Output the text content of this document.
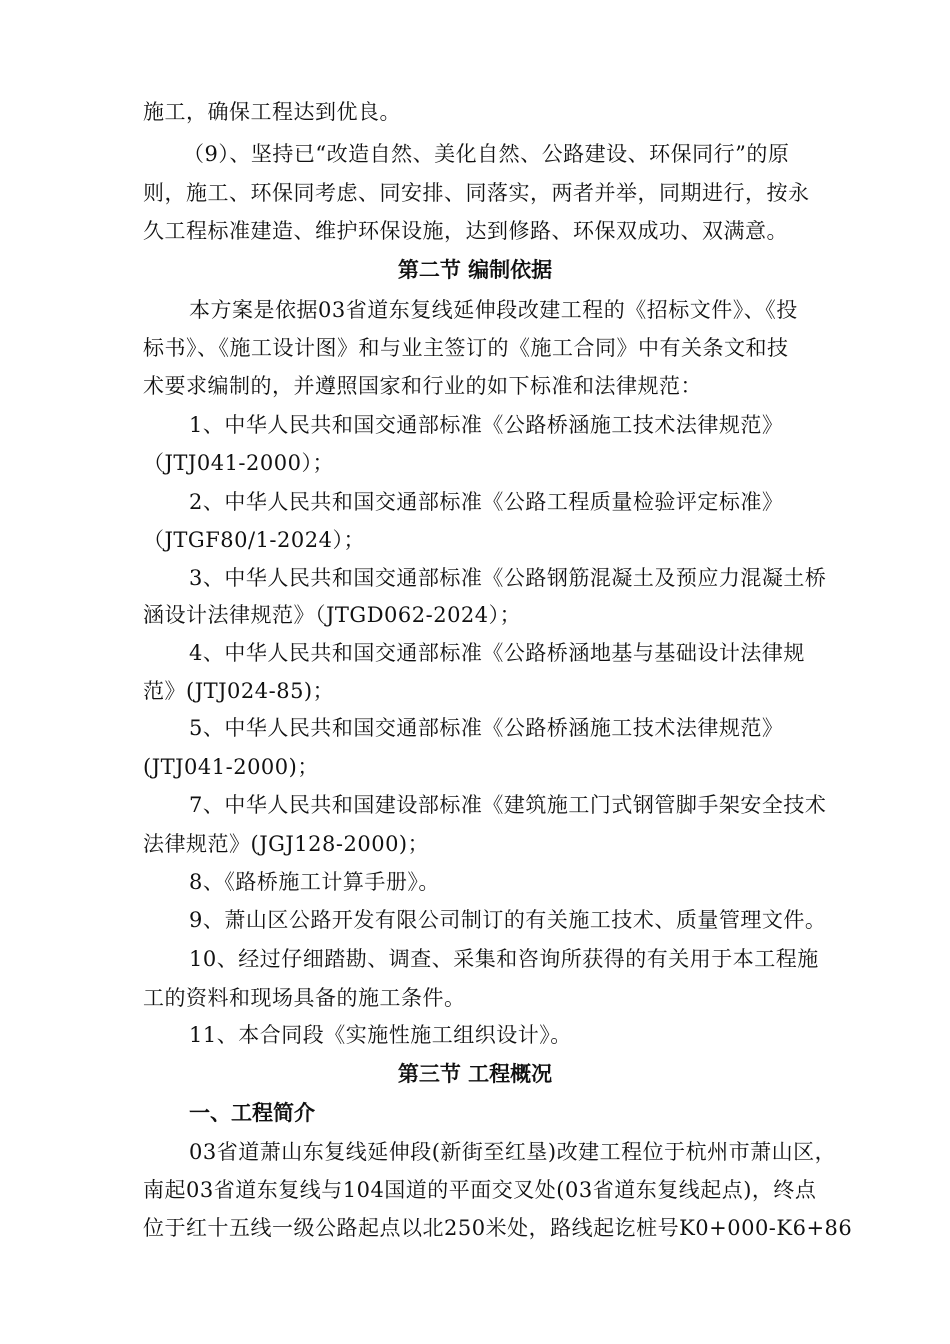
施工，确保工程达到优良。
（9）、坚持已“改造自然、美化自然、公路建设、环保同行”的原
则，施工、环保同考虑、同安排、同落实，两者并举，同期进行，按永
久工程标准建造、维护环保设施，达到修路、环保双成功、双满意。
第二节 编制依据
本方案是依据03省道东复线延伸段改建工程的《招标文件》、《投
标书》、《施工设计图》和与业主签订的《施工合同》中有关条文和技
术要求编制的，并遵照国家和行业的如下标准和法律规范：
1、中华人民共和国交通部标准《公路桥涵施工技术法律规范》
（JTJ041-2000）；
2、中华人民共和国交通部标准《公路工程质量检验评定标准》
（JTGF80/1-2024）；
3、中华人民共和国交通部标准《公路钢筋混凝土及预应力混凝土桥
涵设计法律规范》（JTGD062-2024）；
4、中华人民共和国交通部标准《公路桥涵地基与基础设计法律规
范》(JTJ024-85)；
5、中华人民共和国交通部标准《公路桥涵施工技术法律规范》
(JTJ041-2000)；
7、中华人民共和国建设部标准《建筑施工门式钢管脚手架安全技术
法律规范》(JGJ128-2000)；
8、《路桥施工计算手册》。
9、萧山区公路开发有限公司制订的有关施工技术、质量管理文件。
10、经过仔细踏勘、调查、采集和咨询所获得的有关用于本工程施
工的资料和现场具备的施工条件。
11、本合同段《实施性施工组织设计》。
第三节 工程概况
一、工程简介
03省道萧山东复线延伸段(新街至红垦)改建工程位于杭州市萧山区，
南起03省道东复线与104国道的平面交叉处(03省道东复线起点)，终点
位于红十五线一级公路起点以北250米处，路线起讫桩号K0+000-K6+86
